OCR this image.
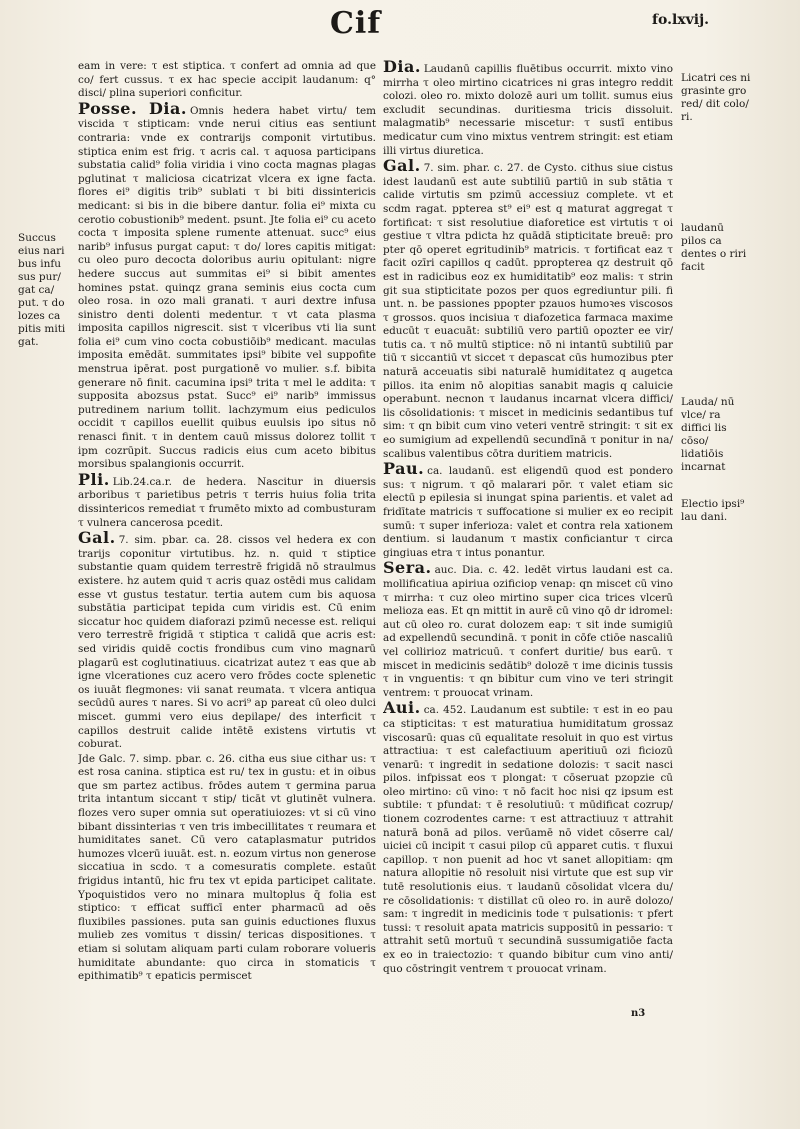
Cif	fo.lxvij.
Succus eius nari bus infu sus pur/ gat ca/ put. τ do lozes ca pitis miti gat.

eam in vere: τ est stiptica. τ confert ad omnia ad que co/ fert cussus. τ ex hac specie accipit laudanum: q° disci/ plina superiori conficitur.

Posse. Dia. Omnis hedera habet virtu/ tem viscida τ stipticam: vnde nerui citius eas sentiunt contraria: vnde ex contrarijs componit virtutibus. stiptica enim est frig. τ acris cal. τ aquosa participans substatia calid⁹ folia viridia i vino cocta magnas plagas pglutinat τ maliciosa cicatrizat vlcera ex igne facta. flores ei⁹ digitis trib⁹ sublati τ bi biti dissintericis medicant: si bis in die bibere dantur. folia ei⁹ mixta cu cerotio cobustionib⁹ medent. psunt. Jte folia ei⁹ cu aceto cocta τ imposita splene rumente attenuat. succ⁹ eius narib⁹ infusus purgat caput: τ do/ lores capitis mitigat: cu oleo puro decocta doloribus auriu opitulant: nigre hedere succus aut summitas ei⁹ si bibit amentes homines pstat. quinqz grana seminis eius cocta cum oleo rosa. in ozo mali granati. τ auri dextre infusa sinistro denti dolenti medentur. τ vt cata plasma imposita capillos nigrescit. sist τ vlceribus vti lia sunt folia ei⁹ cum vino cocta cobustiōib⁹ medicant. maculas imposita emēdāt. summitates ipsi⁹ bibite vel suppofite menstrua ipērat. post purgationē vo mulier. s.f. bibita generare nō finit. cacumina ipsi⁹ trita τ mel le addita: τ supposita abozsus pstat. Succ⁹ ei⁹ narib⁹ immissus putredinem narium tollit. lachzymum eius pediculos occidit τ capillos euellit quibus euulsis ipo situs nō renasci finit. τ in dentem cauū missus dolorez tollit τ ipm cozrūpit. Succus radicis eius cum aceto bibitus morsibus spalangionis occurrit.

Pli. Lib.24.ca.r. de hedera. Nascitur in diuersis arboribus τ parietibus petris τ terris huius folia trita dissintericos remediat τ frumēto mixto ad combusturam τ vulnera cancerosa pcedit.

Gal. 7. sim. pbar. ca. 28. cissos vel hedera ex con trarijs coponitur virtutibus. hz. n. quid τ stiptice substantie quam quidem terrestrē frigidā nō straulmus existere. hz autem quid τ acris quaz ostēdi mus calidam esse vt gustus testatur. tertia autem cum bis aquosa substātia participat tepida cum viridis est. Cū enim siccatur hoc quidem diaforazi pzimū necesse est. reliqui vero terrestrē frigidā τ stiptica τ calidā que acris est: sed viridis quidē coctis frondibus cum vino magnarū plagarū est coglutinatiuus. cicatrizat autez τ eas que ab igne vlcerationes cuz acero vero frōdes cocte splenetic os iuuāt flegmones: vii sanat reumata. τ vlcera antiqua secūdū aures τ nares. Si vo acri⁹ ap pareat cū oleo dulci miscet. gummi vero eius depilape/ des interficit τ capillos destruit calide intētē existens virtutis vt coburat.

Jde Galc. 7. simp. pbar. c. 26. citha eus siue cithar us: τ est rosa canina. stiptica est ru/ tex in gustu: et in oibus que sm partez actibus. frōdes autem τ germina parua trita intantum siccant τ stip/ ticāt vt glutinēt vulnera. flozes vero super omnia sut operatiuiozes: vt si cū vino bibant dissinterias τ ven tris imbecillitates τ reumara et humiditates sanet. Cū vero cataplasmatur putridos humozes vlcerū iuuāt. est. n. eozum virtus non generose siccatiua in scdo. τ a comesuratis complete. estaūt frigidus intantū, hic fru tex vt epida participet calitate. Ypoquistidos vero no minara multoplus q̄ folia est stiptico: τ efficat sufficī enter pharmacū ad oēs fluxibiles passiones. puta san guinis eductiones fluxus mulieb zes vomitus τ dissin/ tericas dispositiones. τ etiam si solutam aliquam parti culam roborare volueris humiditate abundante: quo circa in stomaticis τ epithimatib⁹ τ epaticis permiscet

Dia. Laudanū capillis fluētibus occurrit. mixto vino mirrha τ oleo mirtino cicatrices ni gras integro reddit colozi. oleo ro. mixto dolozē auri um tollit. sumus eius excludit secundinas. duritiesma tricis dissoluit. malagmatib⁹ necessarie miscetur: τ sustī entibus medicatur cum vino mixtus ventrem stringit: est etiam illi virtus diuretica.

Gal. 7. sim. phar. c. 27. de Cysto. cithus siue cistus idest laudanū est aute subtiliū partiū in sub stātia τ calide virtutis sm pzimū accessiuz complete. vt et scdm ragat. ppterea st⁹ ei⁹ est q maturat aggregat τ fortificat: τ sist resolutiue diaforetice est virtutis τ oi gestiue τ vltra pdicta hz quādā stipticitate breuē: pro pter qō operet egritudinib⁹ matricis. τ fortificat eaz τ facit ozīri capillos q cadūt. ppropterea qz destruit qō est in radicibus eoz ex humiditatib⁹ eoz malis: τ strin git sua stipticitate pozos per quos egrediuntur pili. fi unt. n. be passiones ppopter pzauos humoꝛes viscosos τ grossos. quos incisiua τ diafozetica farmaca maxime educūt τ euacuāt: subtiliū vero partiū opozter ee vir/ tutis ca. τ nō multū stiptice: nō ni intantū subtiliū par tiū τ siccantiū vt siccet τ depascat cūs humozibus pter naturā acceuatis sibi naturalē humiditatez q augetca pillos. ita enim nō alopitias sanabit magis q caluicie operabunt. necnon τ laudanus incarnat vlcera diffici/ lis cōsolidationis: τ miscet in medicinis sedantibus tuf sim: τ qn bibit cum vino veteri ventrē stringit: τ sit ex eo sumigium ad expellendū secundīnā τ ponitur in na/ scalibus valentibus cōtra duritiem matricis.

Pau. ca. laudanū. est eligendū quod est pondero sus: τ nigrum. τ qō malarari pōr. τ valet etiam sic electū p epilesia si inungat spina parientis. et valet ad fridītate matricis τ suffocatione si mulier ex eo recipit sumū: τ super inferioza: valet et contra rela xationem dentium. si laudanum τ mastix conficiantur τ circa gingiuas etra τ intus ponantur.

Sera. auc. Dia. c. 42. ledēt virtus laudani est ca. mollificatiua apiriua ozificiop venap: qn miscet cū vino τ mirrha: τ cuz oleo mirtino super cica trices vlcerū melioza eas. Et qn mittit in aurē cū vino qō dr idromel: aut cū oleo ro. curat dolozem eap: τ sit inde sumigiū ad expellendū secundinā. τ ponit in cōfe ctiōe nascaliū vel collirioz matricuū. τ confert duritie/ bus earū. τ miscet in medicinis sedātib⁹ dolozē τ ime dicinis tussis τ in vnguentis: τ qn bibitur cum vino ve teri stringit ventrem: τ prouocat vrinam.

Aui. ca. 452. Laudanum est subtile: τ est in eo pau ca stipticitas: τ est maturatiua humiditatum grossaz viscosarū: quas cū equalitate resoluit in quo est virtus attractiua: τ est calefactiuum aperitiuū ozi ficiozū venarū: τ ingredit in sedatione dolozis: τ sacit nasci pilos. infpissat eos τ plongat: τ cōseruat pzopzie cū oleo mirtino: cū vino: τ nō facit hoc nisi qz ipsum est subtile: τ pfundat: τ ē resolutiuū: τ mūdificat cozrup/ tionem cozrodentes carne: τ est attractiuuz τ attrahit naturā bonā ad pilos. verūamē nō videt cōserre cal/ uiciei cū incipit τ casui pilop cū apparet cutis. τ fluxui capillop. τ non puenit ad hoc vt sanet allopitiam: qm natura allopitie nō resoluit nisi virtute que est sup vir tutē resolutionis eius. τ laudanū cōsolidat vlcera du/ re cōsolidationis: τ distillat cū oleo ro. in aurē dolozo/ sam: τ ingredit in medicinis tode τ pulsationis: τ pfert tussi: τ resoluit apata matricis suppositū in pessario: τ attrahit setū mortuū τ secundinā sussumigatiōe facta ex eo in traiectozio: τ quando bibitur cum vino anti/ quo cōstringit ventrem τ prouocat vrinam.

Licatri ces ni grasinte gro red/ dit colo/ ri.
laudanū pilos ca dentes o riri facit
Lauda/ nū vlce/ ra diffici lis cōso/ lidatiōis incarnat
Electio ipsi⁹ lau dani.
n3
